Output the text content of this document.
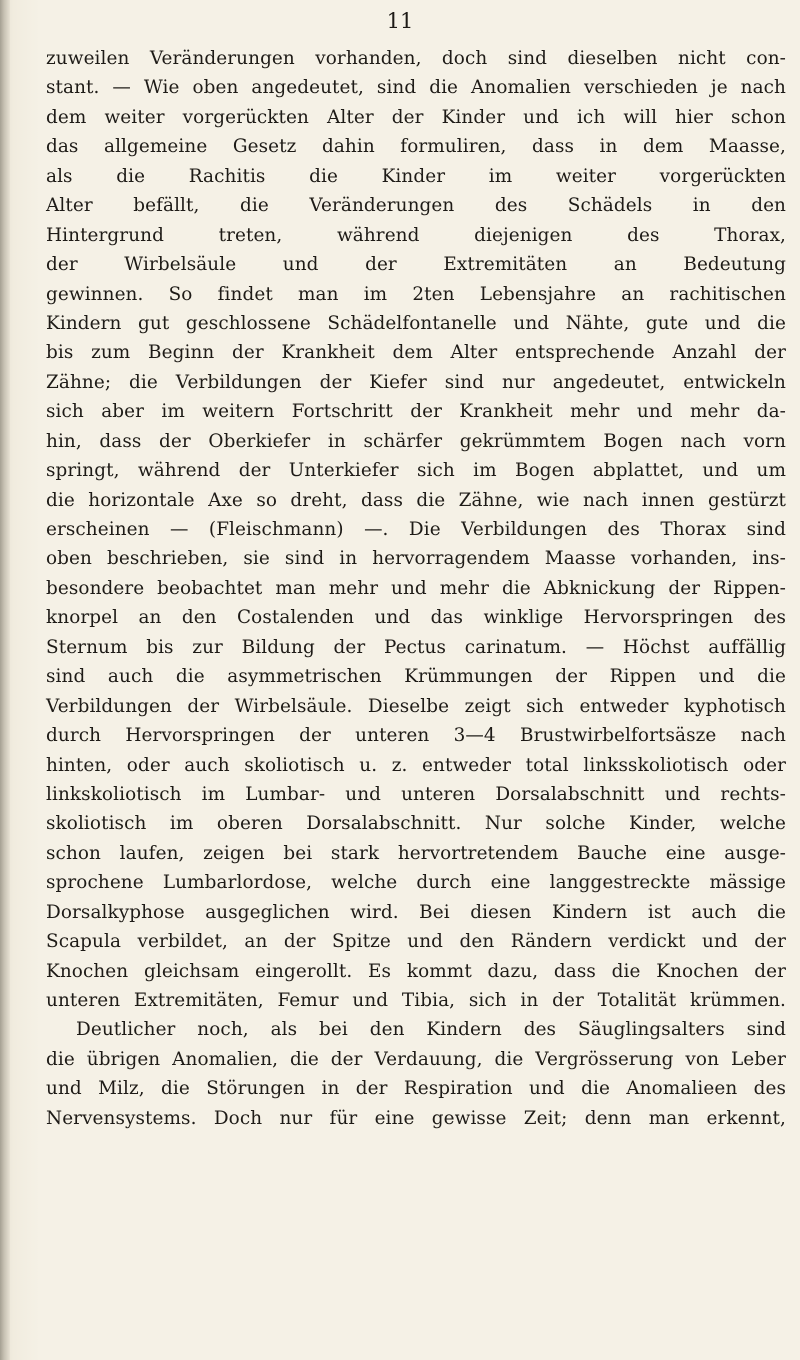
11
zuweilen Veränderungen vorhanden, doch sind dieselben nicht con-
stant. — Wie oben angedeutet, sind die Anomalien verschieden je nach
dem weiter vorgerückten Alter der Kinder und ich will hier schon
das allgemeine Gesetz dahin formuliren, dass in dem Maasse,
als die Rachitis die Kinder im weiter vorgerückten
Alter befällt, die Veränderungen des Schädels in den
Hintergrund treten, während diejenigen des Thorax,
der Wirbelsäule und der Extremitäten an Bedeutung
gewinnen. So findet man im 2ten Lebensjahre an rachitischen
Kindern gut geschlossene Schädelfontanelle und Nähte, gute und die
bis zum Beginn der Krankheit dem Alter entsprechende Anzahl der
Zähne; die Verbildungen der Kiefer sind nur angedeutet, entwickeln
sich aber im weitern Fortschritt der Krankheit mehr und mehr da-
hin, dass der Oberkiefer in schärfer gekrümmtem Bogen nach vorn
springt, während der Unterkiefer sich im Bogen abplattet, und um
die horizontale Axe so dreht, dass die Zähne, wie nach innen gestürzt
erscheinen — (Fleischmann) —. Die Verbildungen des Thorax sind
oben beschrieben, sie sind in hervorragendem Maasse vorhanden, ins-
besondere beobachtet man mehr und mehr die Abknickung der Rippen-
knorpel an den Costalenden und das winklige Hervorspringen des
Sternum bis zur Bildung der Pectus carinatum. — Höchst auffällig
sind auch die asymmetrischen Krümmungen der Rippen und die
Verbildungen der Wirbelsäule. Dieselbe zeigt sich entweder kyphotisch
durch Hervorspringen der unteren 3—4 Brustwirbelfortsäsze nach
hinten, oder auch skoliotisch u. z. entweder total linksskoliotisch oder
linkskoliotisch im Lumbar- und unteren Dorsalabschnitt und rechts-
skoliotisch im oberen Dorsalabschnitt. Nur solche Kinder, welche
schon laufen, zeigen bei stark hervortretendem Bauche eine ausge-
sprochene Lumbarlordose, welche durch eine langgestreckte mässige
Dorsalkyphose ausgeglichen wird. Bei diesen Kindern ist auch die
Scapula verbildet, an der Spitze und den Rändern verdickt und der
Knochen gleichsam eingerollt. Es kommt dazu, dass die Knochen der
unteren Extremitäten, Femur und Tibia, sich in der Totalität krümmen.
Deutlicher noch, als bei den Kindern des Säuglingsalters sind
die übrigen Anomalien, die der Verdauung, die Vergrösserung von Leber
und Milz, die Störungen in der Respiration und die Anomalieen des
Nervensystems. Doch nur für eine gewisse Zeit; denn man erkennt,
